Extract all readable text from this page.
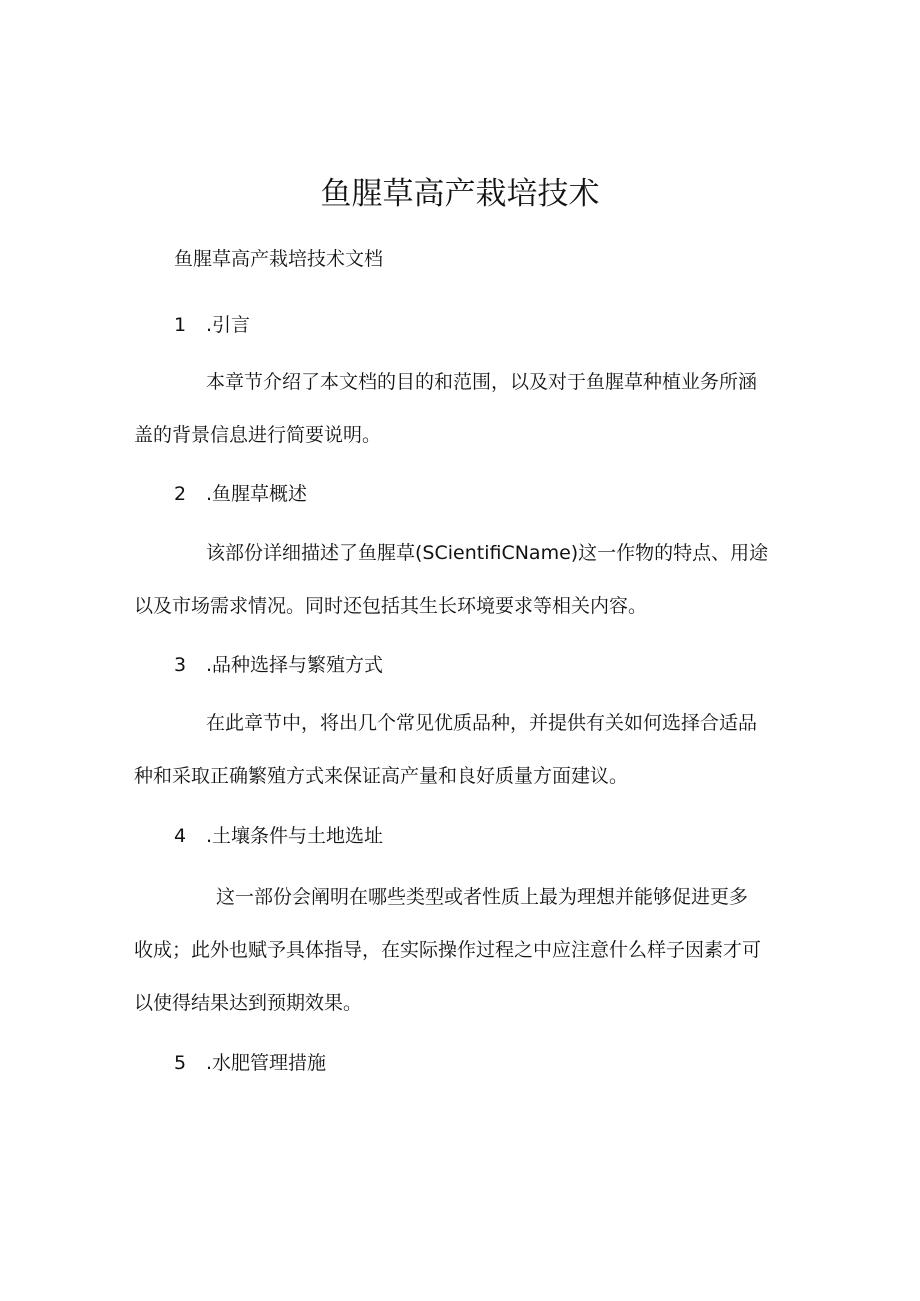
鱼腥草高产栽培技术

鱼腥草高产栽培技术文档

1 .引言

本章节介绍了本文档的目的和范围，以及对于鱼腥草种植业务所涵
盖的背景信息进行简要说明。

2 .鱼腥草概述

该部份详细描述了鱼腥草(SCientifiCName)这一作物的特点、用途
以及市场需求情况。同时还包括其生长环境要求等相关内容。

3 .品种选择与繁殖方式

在此章节中，将出几个常见优质品种，并提供有关如何选择合适品
种和采取正确繁殖方式来保证高产量和良好质量方面建议。

4 .土壤条件与土地选址

这一部份会阐明在哪些类型或者性质上最为理想并能够促进更多
收成；此外也赋予具体指导，在实际操作过程之中应注意什么样子因素才可
以使得结果达到预期效果。

5 .水肥管理措施
